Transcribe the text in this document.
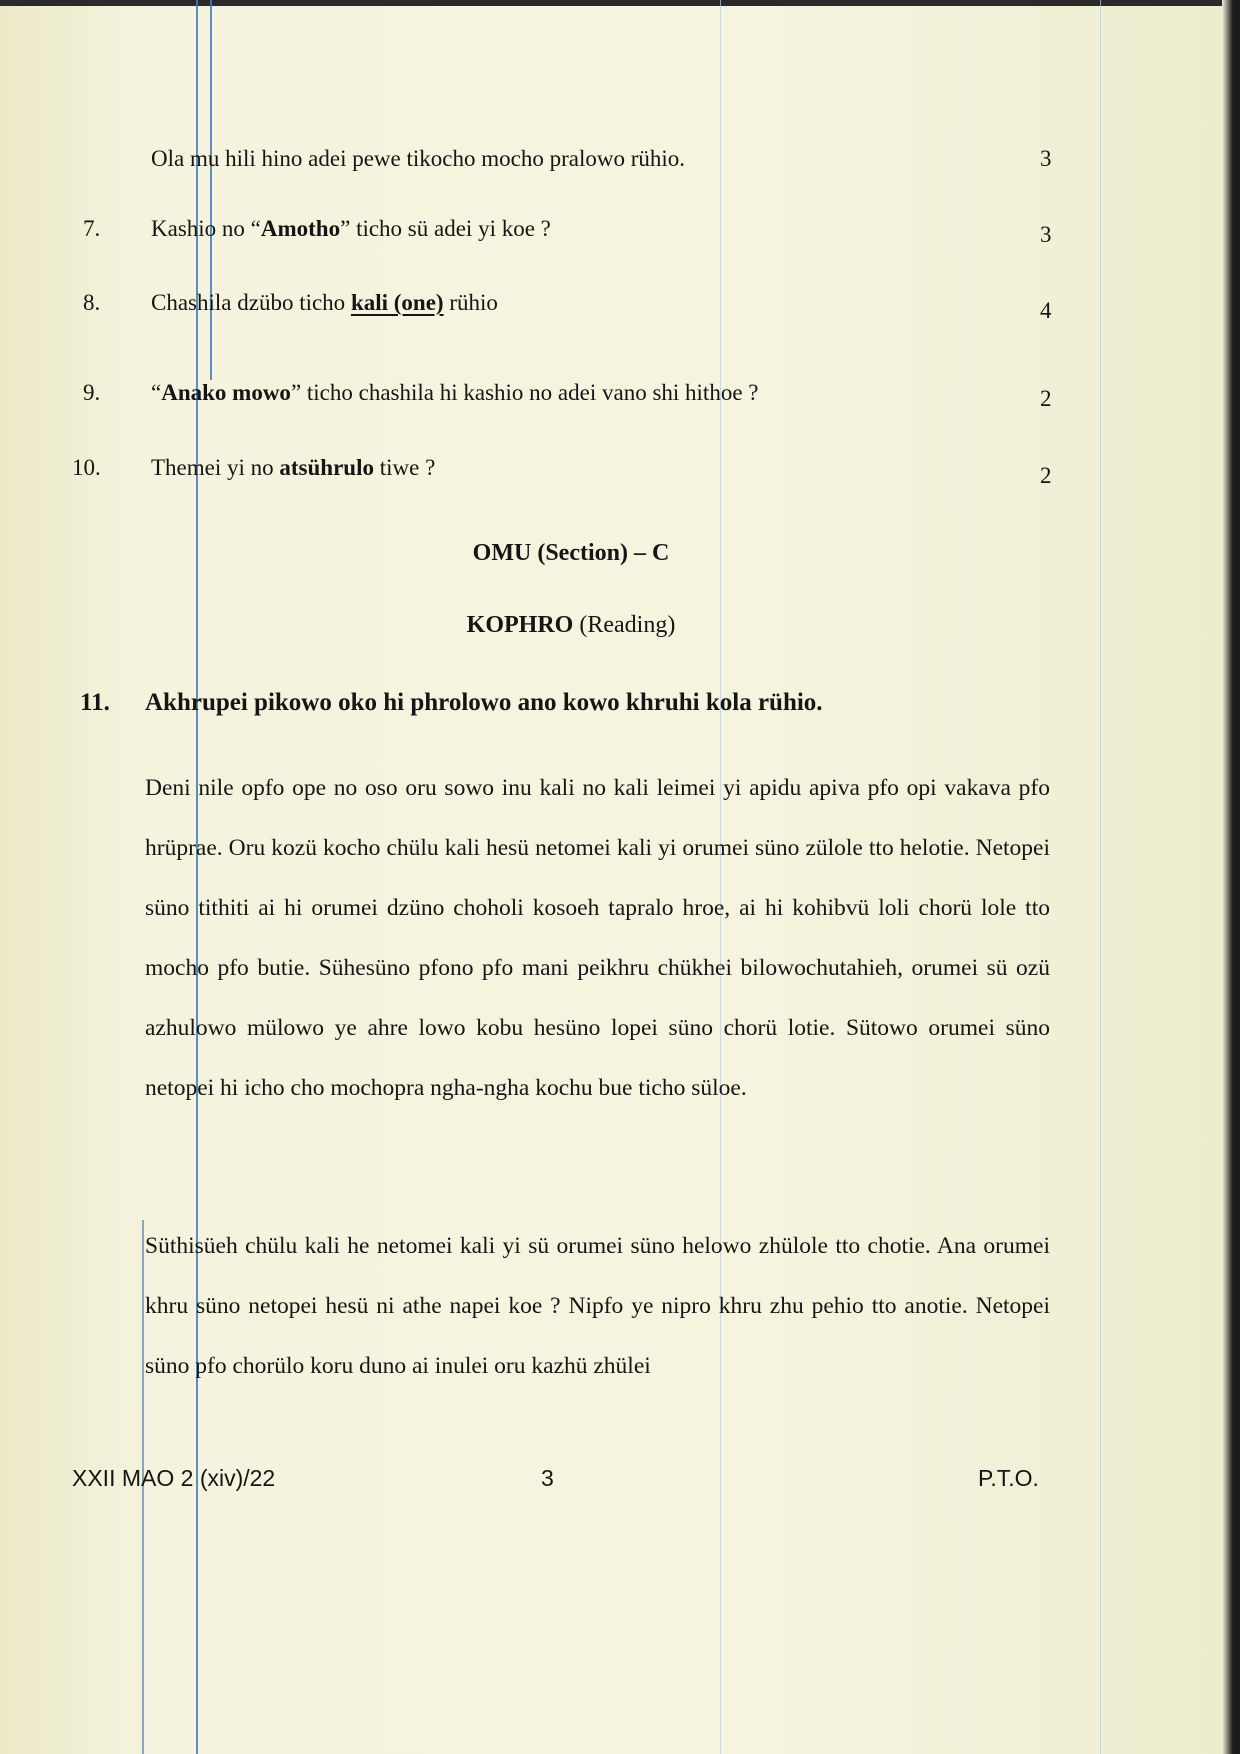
Ola mu hili hino adei pewe tikocho mocho pralowo rühio.	3
7. Kashio no “Amotho” ticho sü adei yi koe ?	3
8. Chashila dzübo ticho kali (one) rühio	4
9. “Anako mowo” ticho chashila hi kashio no adei vano shi hithoe ?	2
10. Themei yi no atsührulo tiwe ?	2
OMU (Section) – C
KOPHRO (Reading)
11. Akhrupei pikowo oko hi phrolowo ano kowo khruhi kola rühio.

Deni nile opfo ope no oso oru sowo inu kali no kali leimei yi apidu apiva pfo opi vakava pfo hrüprae. Oru kozü kocho chülu kali hesü netomei kali yi orumei süno zülole tto helotie. Netopei süno tithiti ai hi orumei dzüno choholi kosoeh tapralo hroe, ai hi kohibvü loli chorü lole tto mocho pfo butie. Sühesüno pfono pfo mani peikhru chükhei bilowochutahieh, orumei sü ozü azhulowo mülowo ye ahre lowo kobu hesüno lopei süno chorü lotie. Sütowo orumei süno netopei hi icho cho mochopra ngha-ngha kochu bue ticho süloe.

Süthisüeh chülu kali he netomei kali yi sü orumei süno helowo zhülole tto chotie. Ana orumei khru süno netopei hesü ni athe napei koe ? Nipfo ye nipro khru zhu pehio tto anotie. Netopei süno pfo chorülo koru duno ai inulei oru kazhü zhülei

XXII MAO 2 (xiv)/22	3	P.T.O.
